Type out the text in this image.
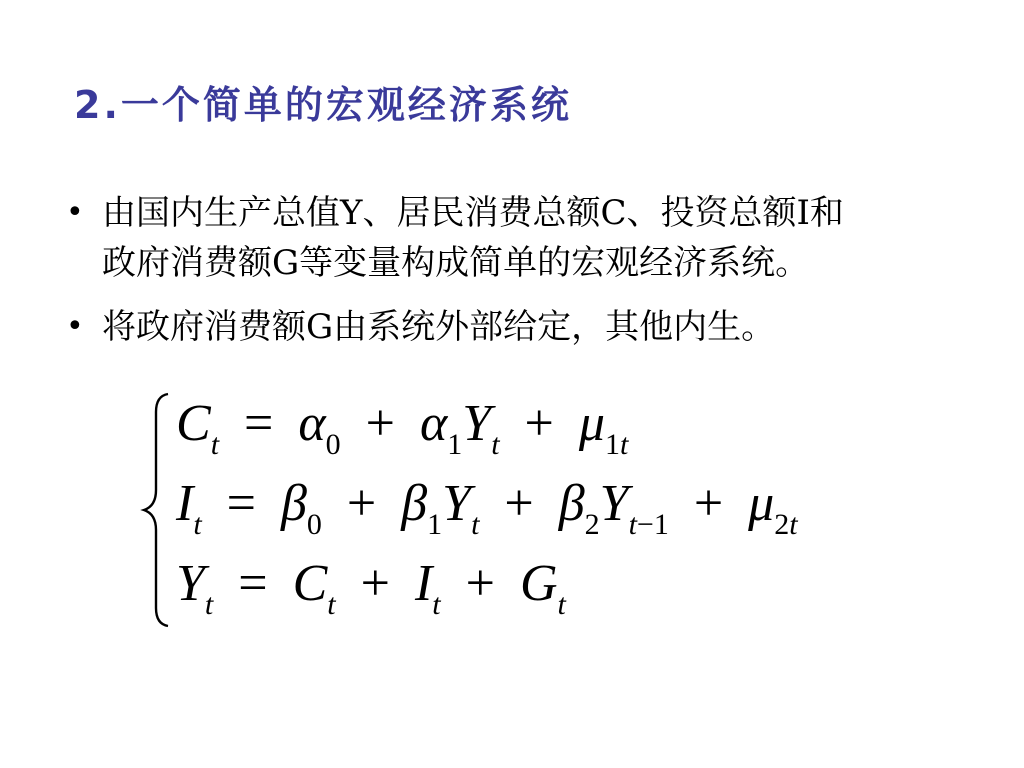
2.一个简单的宏观经济系统
• 由国内生产总值Y、居民消费总额C、投资总额I和
政府消费额G等变量构成简单的宏观经济系统。
• 将政府消费额G由系统外部给定，其他内生。
$C_t = \alpha_0 + \alpha_1Y_t + \mu_{1t}$
$I_t = \beta_0 + \beta_1Y_t + \beta_2Y_{t-1} + \mu_{2t}$
$Y_t = C_t + I_t + G_t$
